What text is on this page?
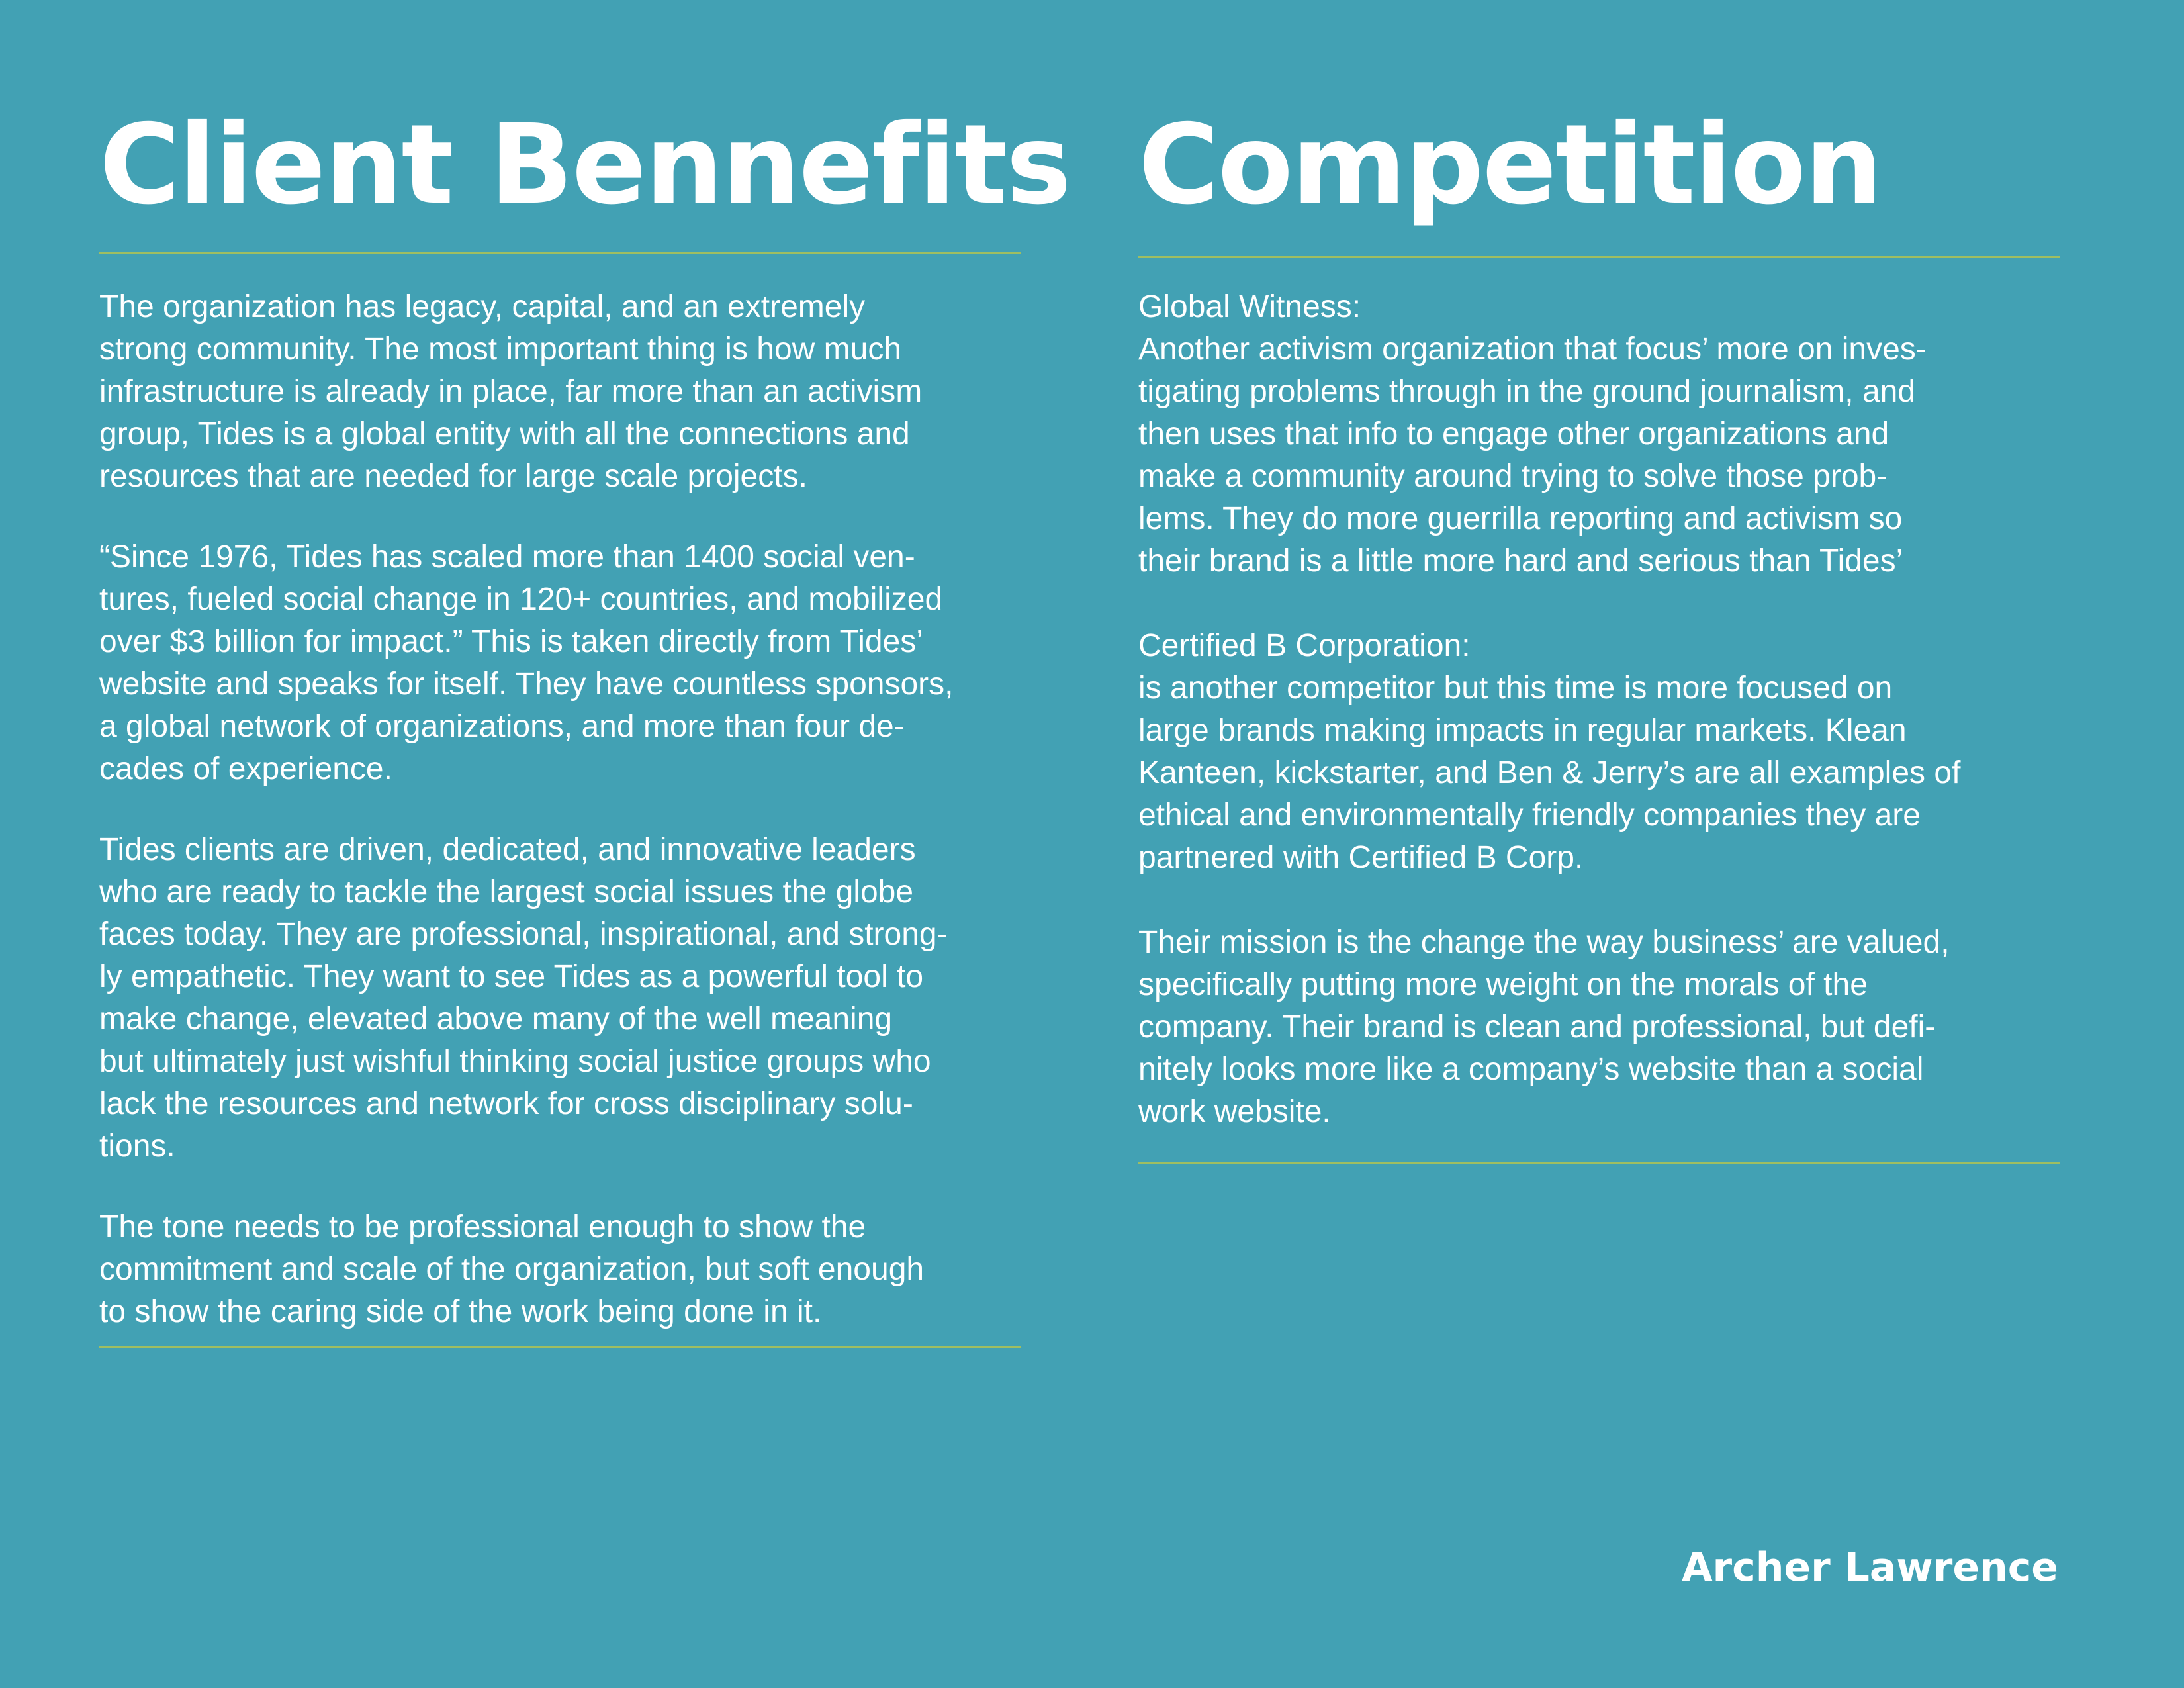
Client Bennefits

The organization has legacy, capital, and an extremely
strong community. The most important thing is how much
infrastructure is already in place, far more than an activism
group, Tides is a global entity with all the connections and
resources that are needed for large scale projects.

“Since 1976, Tides has scaled more than 1400 social ven-
tures, fueled social change in 120+ countries, and mobilized
over $3 billion for impact.” This is taken directly from Tides’
website and speaks for itself. They have countless sponsors,
a global network of organizations, and more than four de-
cades of experience.

Tides clients are driven, dedicated, and innovative leaders
who are ready to tackle the largest social issues the globe
faces today. They are professional, inspirational, and strong-
ly empathetic. They want to see Tides as a powerful tool to
make change, elevated above many of the well meaning
but ultimately just wishful thinking social justice groups who
lack the resources and network for cross disciplinary solu-
tions.

The tone needs to be professional enough to show the
commitment and scale of the organization, but soft enough
to show the caring side of the work being done in it.

Competition

Global Witness:
Another activism organization that focus’ more on inves-
tigating problems through in the ground journalism, and
then uses that info to engage other organizations and
make a community around trying to solve those prob-
lems. They do more guerrilla reporting and activism so
their brand is a little more hard and serious than Tides’

Certified B Corporation:
is another competitor but this time is more focused on
large brands making impacts in regular markets. Klean
Kanteen, kickstarter, and Ben & Jerry’s are all examples of
ethical and environmentally friendly companies they are
partnered with Certified B Corp.

Their mission is the change the way business’ are valued,
specifically putting more weight on the morals of the
company. Their brand is clean and professional, but defi-
nitely looks more like a company’s website than a social
work website.

Archer Lawrence
